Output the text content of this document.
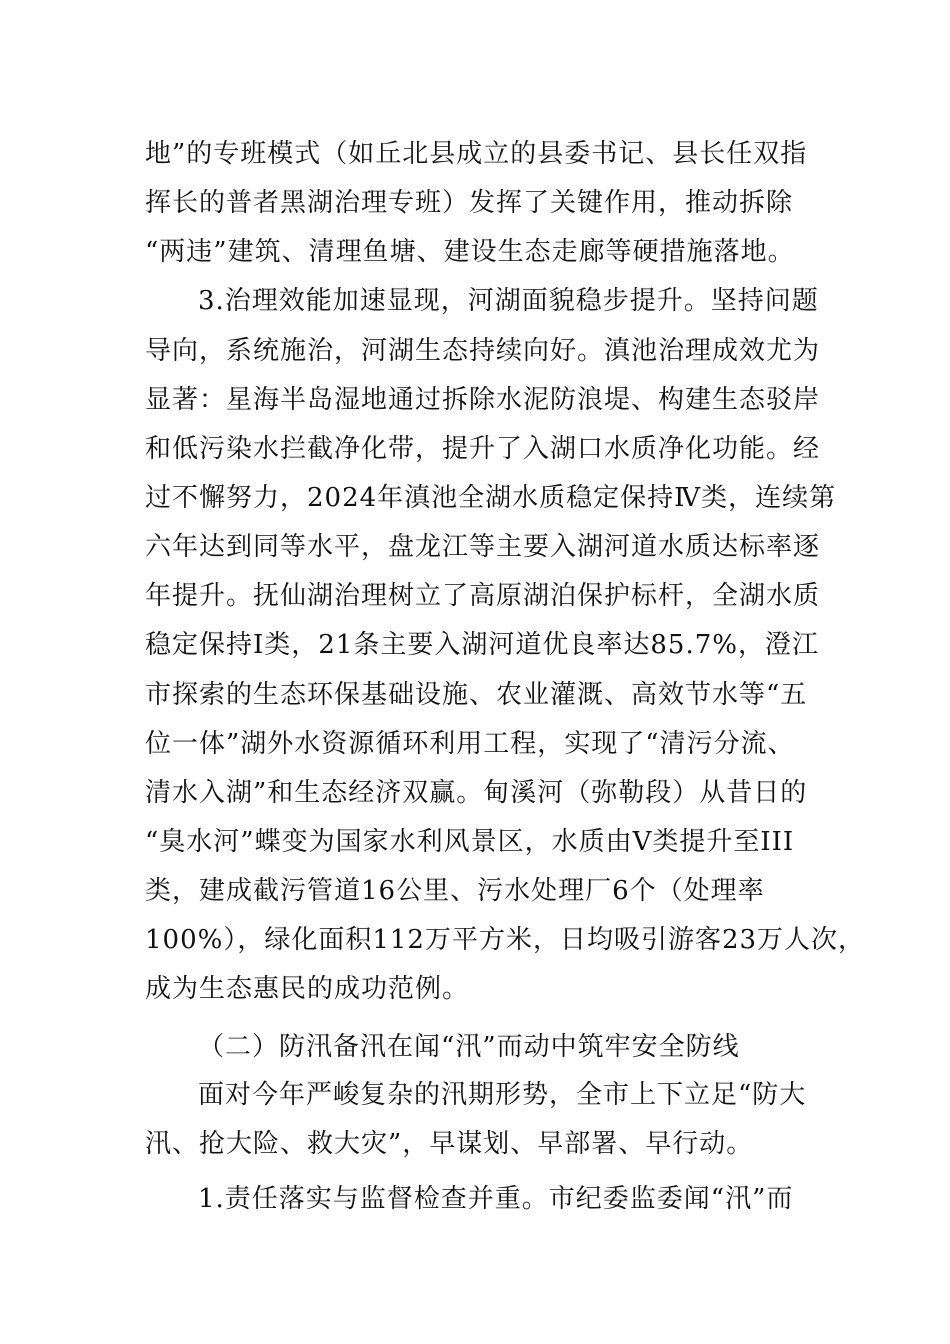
地”的专班模式（如丘北县成立的县委书记、县长任双指
挥长的普者黑湖治理专班）发挥了关键作用，推动拆除
“两违”建筑、清理鱼塘、建设生态走廊等硬措施落地。
3.治理效能加速显现，河湖面貌稳步提升。坚持问题
导向，系统施治，河湖生态持续向好。滇池治理成效尤为
显著：星海半岛湿地通过拆除水泥防浪堤、构建生态驳岸
和低污染水拦截净化带，提升了入湖口水质净化功能。经
过不懈努力，2024年滇池全湖水质稳定保持Ⅳ类，连续第
六年达到同等水平，盘龙江等主要入湖河道水质达标率逐
年提升。抚仙湖治理树立了高原湖泊保护标杆，全湖水质
稳定保持Ⅰ类，21条主要入湖河道优良率达85.7%，澄江
市探索的生态环保基础设施、农业灌溉、高效节水等“五
位一体”湖外水资源循环利用工程，实现了“清污分流、
清水入湖”和生态经济双赢。甸溪河（弥勒段）从昔日的
“臭水河”蝶变为国家水利风景区，水质由Ⅴ类提升至III
类，建成截污管道16公里、污水处理厂6个（处理率
100%），绿化面积112万平方米，日均吸引游客23万人次，
成为生态惠民的成功范例。
（二）防汛备汛在闻“汛”而动中筑牢安全防线
面对今年严峻复杂的汛期形势，全市上下立足“防大
汛、抢大险、救大灾”，早谋划、早部署、早行动。
1.责任落实与监督检查并重。市纪委监委闻“汛”而
